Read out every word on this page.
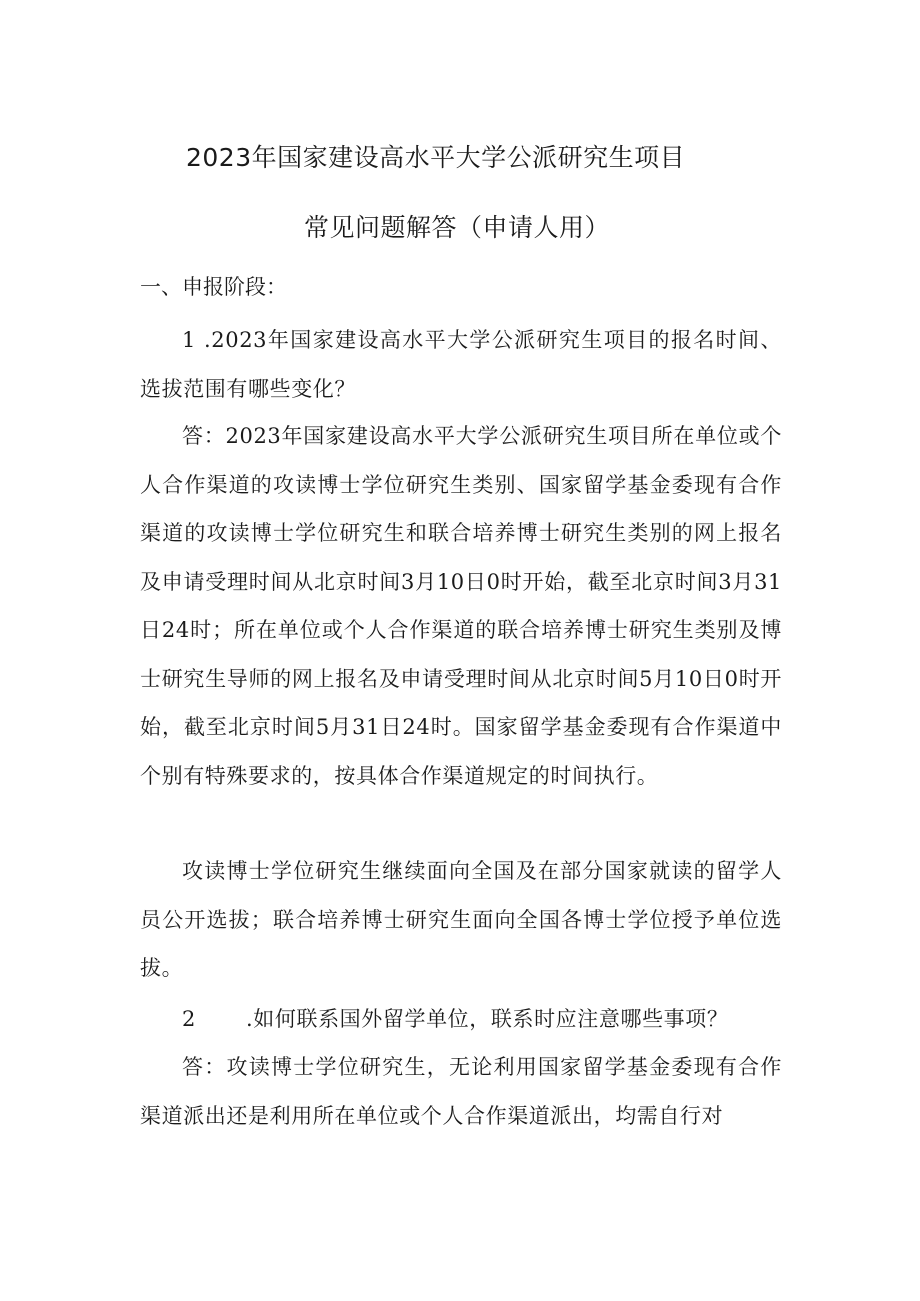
2023年国家建设高水平大学公派研究生项目
常见问题解答（申请人用）
一、申报阶段：

1 .2023年国家建设高水平大学公派研究生项目的报名时间、选拔范围有哪些变化？

答：2023年国家建设高水平大学公派研究生项目所在单位或个人合作渠道的攻读博士学位研究生类别、国家留学基金委现有合作渠道的攻读博士学位研究生和联合培养博士研究生类别的网上报名及申请受理时间从北京时间3月10日0时开始，截至北京时间3月31日24时；所在单位或个人合作渠道的联合培养博士研究生类别及博士研究生导师的网上报名及申请受理时间从北京时间5月10日0时开始，截至北京时间5月31日24时。国家留学基金委现有合作渠道中个别有特殊要求的，按具体合作渠道规定的时间执行。

攻读博士学位研究生继续面向全国及在部分国家就读的留学人员公开选拔；联合培养博士研究生面向全国各博士学位授予单位选拔。

2 .如何联系国外留学单位，联系时应注意哪些事项？

答：攻读博士学位研究生，无论利用国家留学基金委现有合作渠道派出还是利用所在单位或个人合作渠道派出，均需自行对
